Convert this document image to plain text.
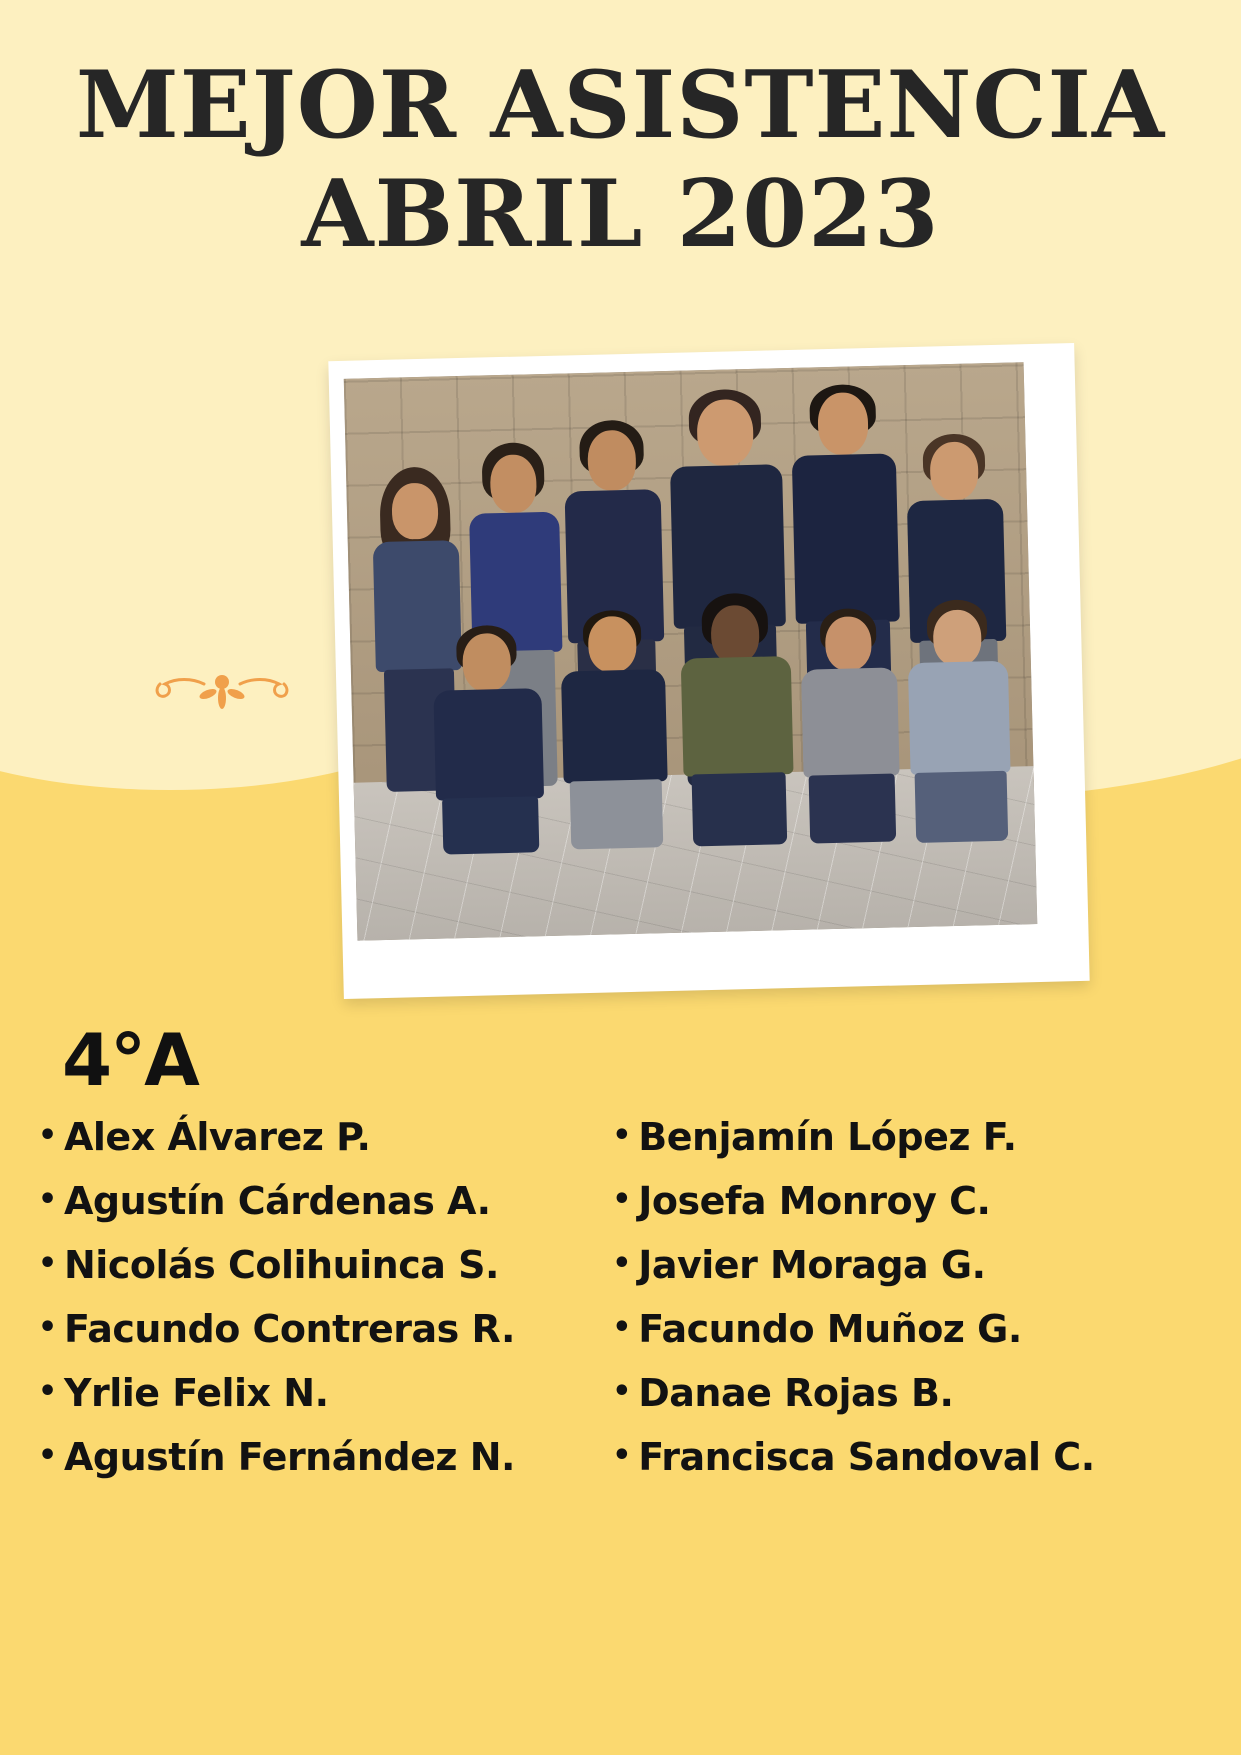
MEJOR ASISTENCIA
ABRIL 2023
4°A
• Alex Álvarez P.
• Agustín Cárdenas A.
• Nicolás Colihuinca S.
• Facundo Contreras R.
• Yrlie Felix N.
• Agustín Fernández N.
• Benjamín López F.
• Josefa Monroy C.
• Javier Moraga G.
• Facundo Muñoz G.
• Danae Rojas B.
• Francisca Sandoval C.
